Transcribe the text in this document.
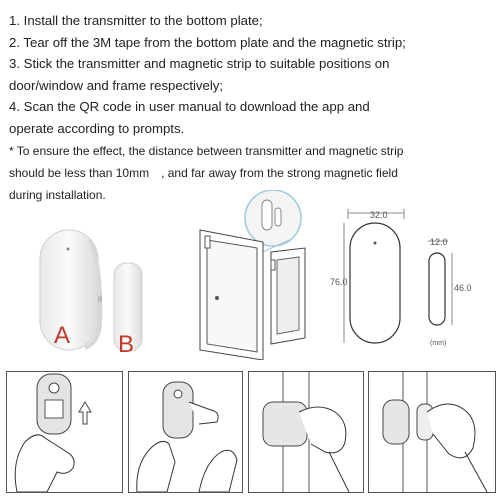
1. Install the transmitter to the bottom plate;

2. Tear off the 3M tape from the bottom plate and the magnetic strip;

3. Stick the transmitter and magnetic strip to suitable positions on

door/window and frame respectively;

4. Scan the QR code in user manual to download the app and

operate according to prompts.

* To ensure the effect, the distance between transmitter and magnetic strip
should be less than 10mm　, and far away from the strong magnetic field
during installation.
A B
32.0
76.0
12.0
46.0
(mm)
